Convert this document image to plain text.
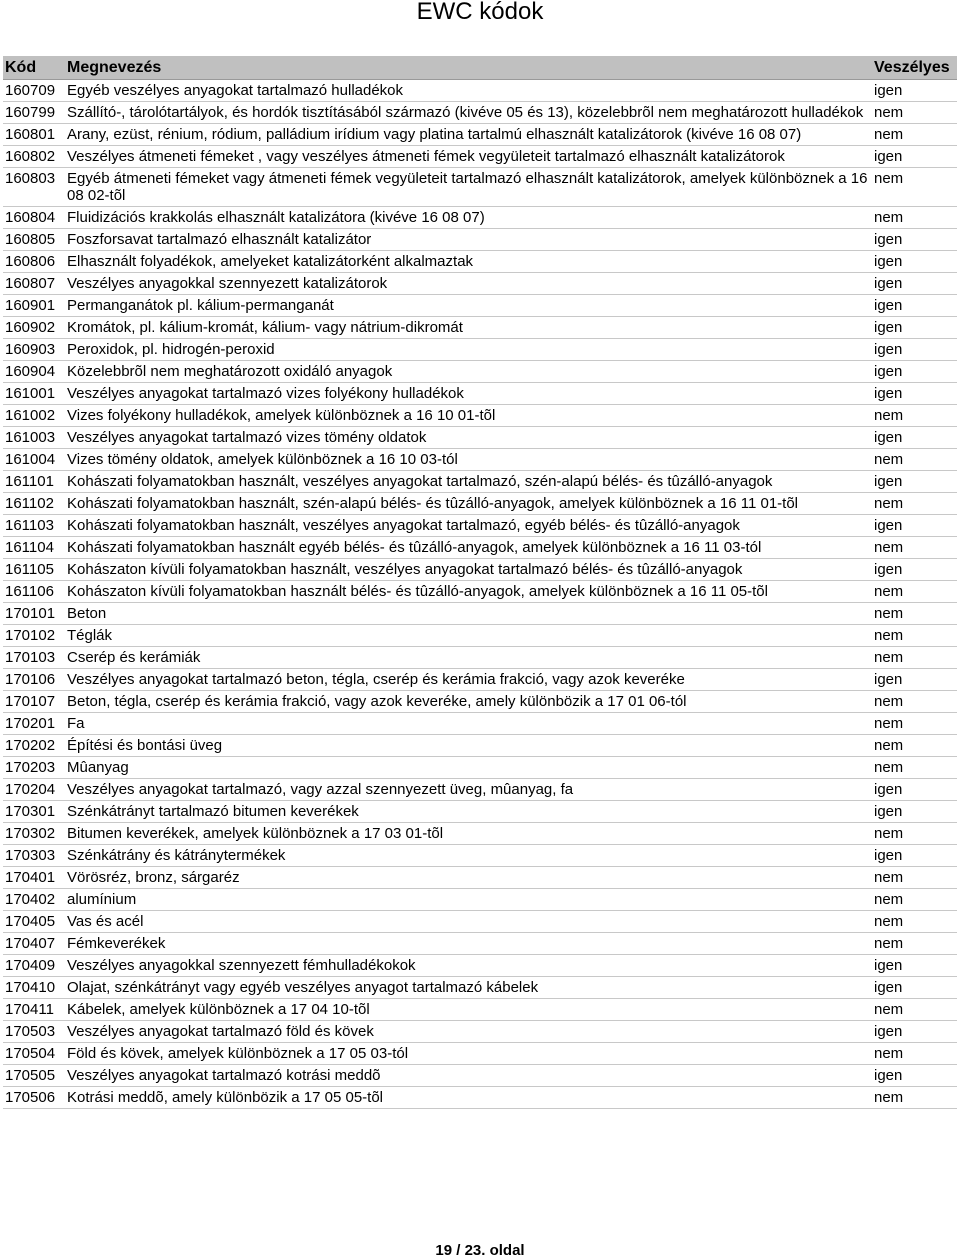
EWC kódok
Kód	Megnevezés	Veszélyes
160709	Egyéb veszélyes anyagokat tartalmazó hulladékok	igen
160799	Szállító-, tárolótartályok, és hordók tisztításából származó (kivéve 05 és 13), közelebbrõl nem meghatározott hulladékok	nem
160801	Arany, ezüst, rénium, ródium, palládium irídium vagy platina tartalmú elhasznált katalizátorok (kivéve 16 08 07)	nem
160802	Veszélyes átmeneti fémeket , vagy veszélyes átmeneti fémek vegyületeit tartalmazó elhasznált katalizátorok	igen
160803	Egyéb átmeneti fémeket vagy átmeneti fémek vegyületeit tartalmazó elhasznált katalizátorok, amelyek különböznek a 16 08 02-tõl	nem
160804	Fluidizációs krakkolás elhasznált katalizátora (kivéve 16 08 07)	nem
160805	Foszforsavat tartalmazó elhasznált katalizátor	igen
160806	Elhasznált folyadékok, amelyeket katalizátorként alkalmaztak	igen
160807	Veszélyes anyagokkal szennyezett katalizátorok	igen
160901	Permanganátok pl. kálium-permanganát	igen
160902	Kromátok, pl. kálium-kromát, kálium- vagy nátrium-dikromát	igen
160903	Peroxidok, pl. hidrogén-peroxid	igen
160904	Közelebbrõl nem meghatározott oxidáló anyagok	igen
161001	Veszélyes anyagokat tartalmazó vizes folyékony hulladékok	igen
161002	Vizes folyékony hulladékok, amelyek különböznek a 16 10 01-tõl	nem
161003	Veszélyes anyagokat tartalmazó vizes tömény oldatok	igen
161004	Vizes tömény oldatok, amelyek különböznek a 16 10 03-tól	nem
161101	Kohászati folyamatokban használt, veszélyes anyagokat tartalmazó, szén-alapú bélés- és tûzálló-anyagok	igen
161102	Kohászati folyamatokban használt, szén-alapú bélés- és tûzálló-anyagok, amelyek különböznek a 16 11 01-tõl	nem
161103	Kohászati folyamatokban használt, veszélyes anyagokat tartalmazó, egyéb bélés- és tûzálló-anyagok	igen
161104	Kohászati folyamatokban használt egyéb bélés- és tûzálló-anyagok, amelyek különböznek a 16 11 03-tól	nem
161105	Kohászaton kívüli folyamatokban használt, veszélyes anyagokat tartalmazó bélés- és tûzálló-anyagok	igen
161106	Kohászaton kívüli folyamatokban használt bélés- és tûzálló-anyagok, amelyek különböznek a 16 11 05-tõl	nem
170101	Beton	nem
170102	Téglák	nem
170103	Cserép és kerámiák	nem
170106	Veszélyes anyagokat tartalmazó beton, tégla, cserép és kerámia frakció, vagy azok keveréke	igen
170107	Beton, tégla, cserép és kerámia frakció, vagy azok keveréke, amely különbözik a 17 01 06-tól	nem
170201	Fa	nem
170202	Építési és bontási üveg	nem
170203	Mûanyag	nem
170204	Veszélyes anyagokat tartalmazó, vagy azzal szennyezett üveg, mûanyag, fa	igen
170301	Szénkátrányt tartalmazó bitumen keverékek	igen
170302	Bitumen keverékek, amelyek különböznek a 17 03 01-tõl	nem
170303	Szénkátrány és kátránytermékek	igen
170401	Vörösréz, bronz, sárgaréz	nem
170402	alumínium	nem
170405	Vas és acél	nem
170407	Fémkeverékek	nem
170409	Veszélyes anyagokkal szennyezett fémhulladékokok	igen
170410	Olajat, szénkátrányt vagy egyéb veszélyes anyagot tartalmazó kábelek	igen
170411	Kábelek, amelyek különböznek a 17 04 10-tõl	nem
170503	Veszélyes anyagokat tartalmazó föld és kövek	igen
170504	Föld és kövek, amelyek különböznek a 17 05 03-tól	nem
170505	Veszélyes anyagokat tartalmazó kotrási meddõ	igen
170506	Kotrási meddõ, amely különbözik a 17 05 05-tõl	nem
19 / 23. oldal
